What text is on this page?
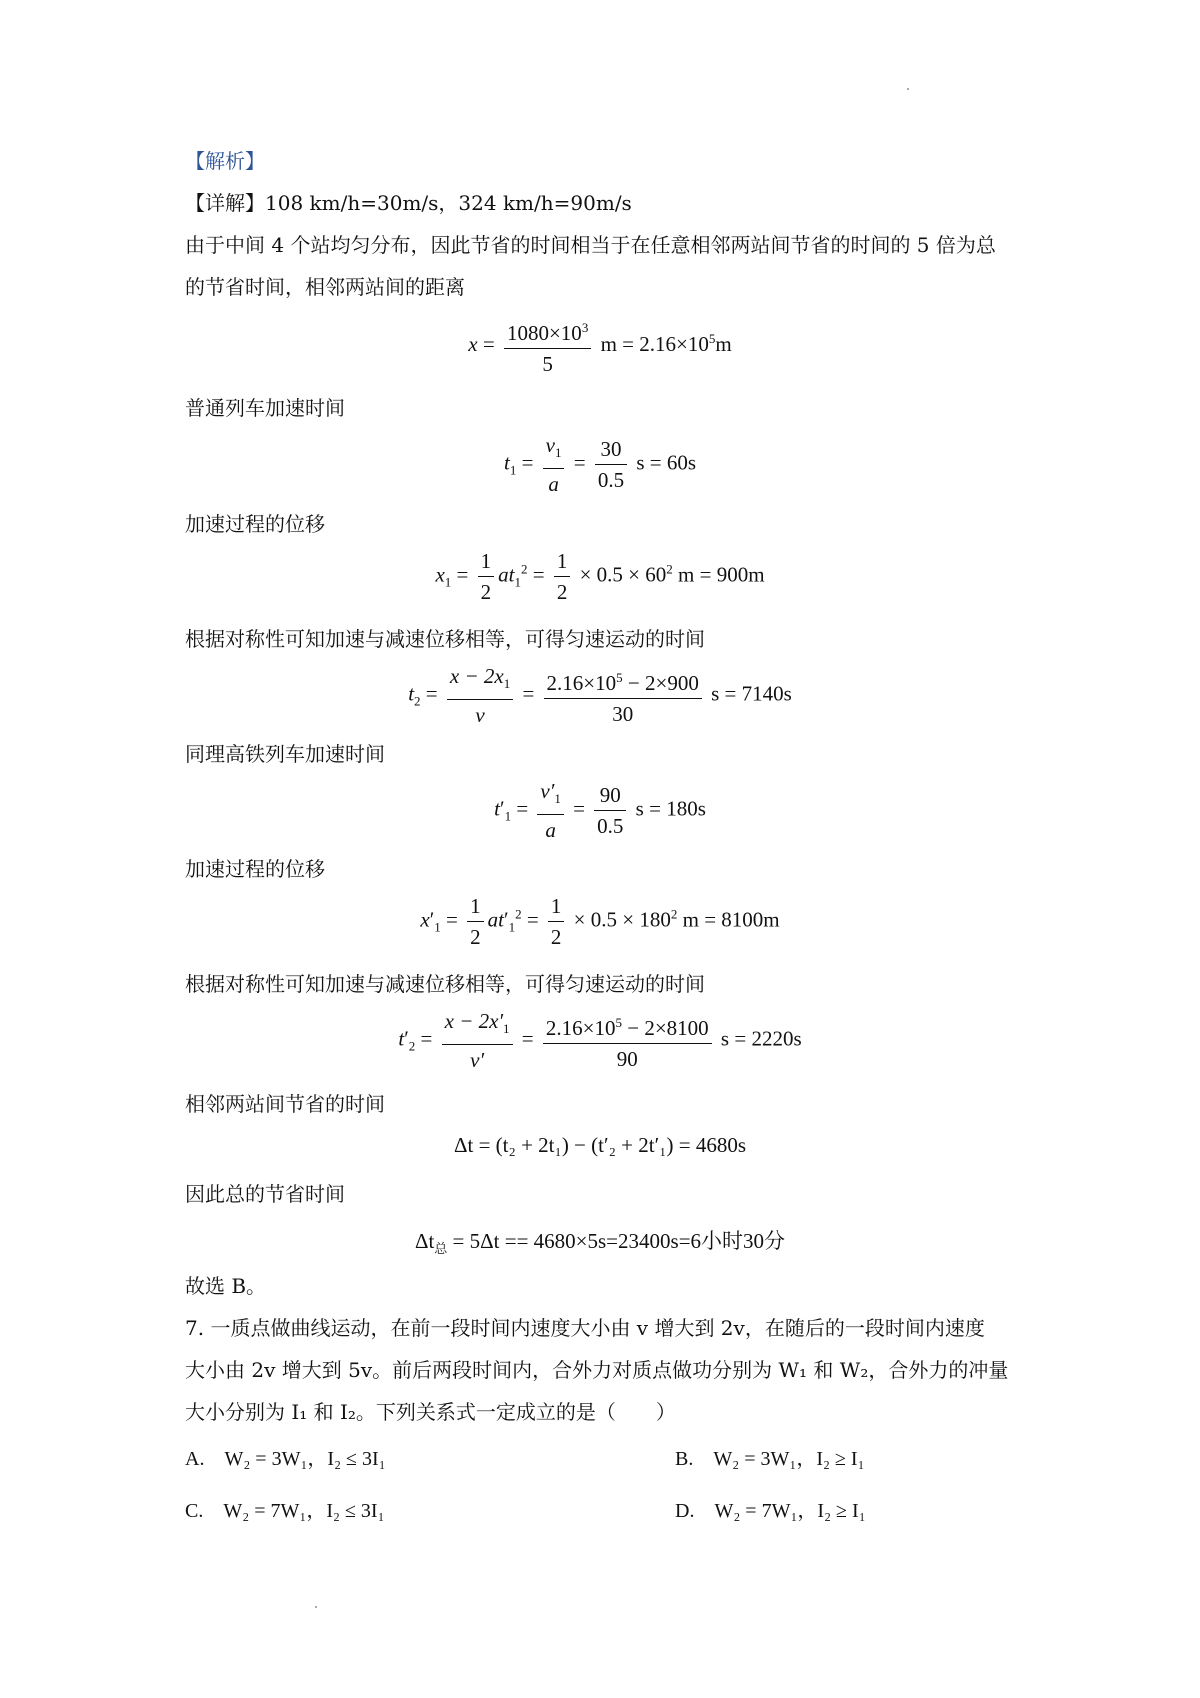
【解析】
【详解】108 km/h=30m/s，324 km/h=90m/s
由于中间 4 个站均匀分布，因此节省的时间相当于在任意相邻两站间节省的时间的 5 倍为总
的节省时间，相邻两站间的距离
$x = \frac{1080\times 10^3}{5}$ $m = 2.16\times 10^5m$
普通列车加速时间
$t_1 = \frac{v_1}{a} = \frac{30}{0.5}$ s = 60s
加速过程的位移
$x_1 = \frac{1}{2} at_1^2 = \frac{1}{2} \times 0.5 \times 60^2$ m = 900m
根据对称性可知加速与减速位移相等，可得匀速运动的时间
$t_2 = \frac{x - 2x_1}{v} = \frac{2.16\times 10^5 - 2\times 900}{30}$ s = 7140s
同理高铁列车加速时间
$t'_1 = \frac{v'_1}{a} = \frac{90}{0.5}$ s = 180s
加速过程的位移
$x'_1 = \frac{1}{2} at'_1^2 = \frac{1}{2} \times 0.5 \times 180^2$ m = 8100m
根据对称性可知加速与减速位移相等，可得匀速运动的时间
$t'_2 = \frac{x - 2x'_1}{v'} = \frac{2.16\times 10^5 - 2\times 8100}{90}$ s = 2220s
相邻两站间节省的时间
Δt = (t₂ + 2t₁) − (t′₂ + 2t′₁) = 4680s
因此总的节省时间
$\Delta t_总 = 5\Delta t == 4680\times 5s=23400s=6$小时30分
故选 B。
7. 一质点做曲线运动，在前一段时间内速度大小由 v 增大到 2v，在随后的一段时间内速度
大小由 2v 增大到 5v。前后两段时间内，合外力对质点做功分别为 W₁ 和 W₂，合外力的冲量
大小分别为 I₁ 和 I₂。下列关系式一定成立的是（　　）
A.　W₂ = 3W₁，I₂ ≤ 3I₁	B.　W₂ = 3W₁，I₂ ≥ I₁
C.　W₂ = 7W₁，I₂ ≤ 3I₁	D.　W₂ = 7W₁，I₂ ≥ I₁
